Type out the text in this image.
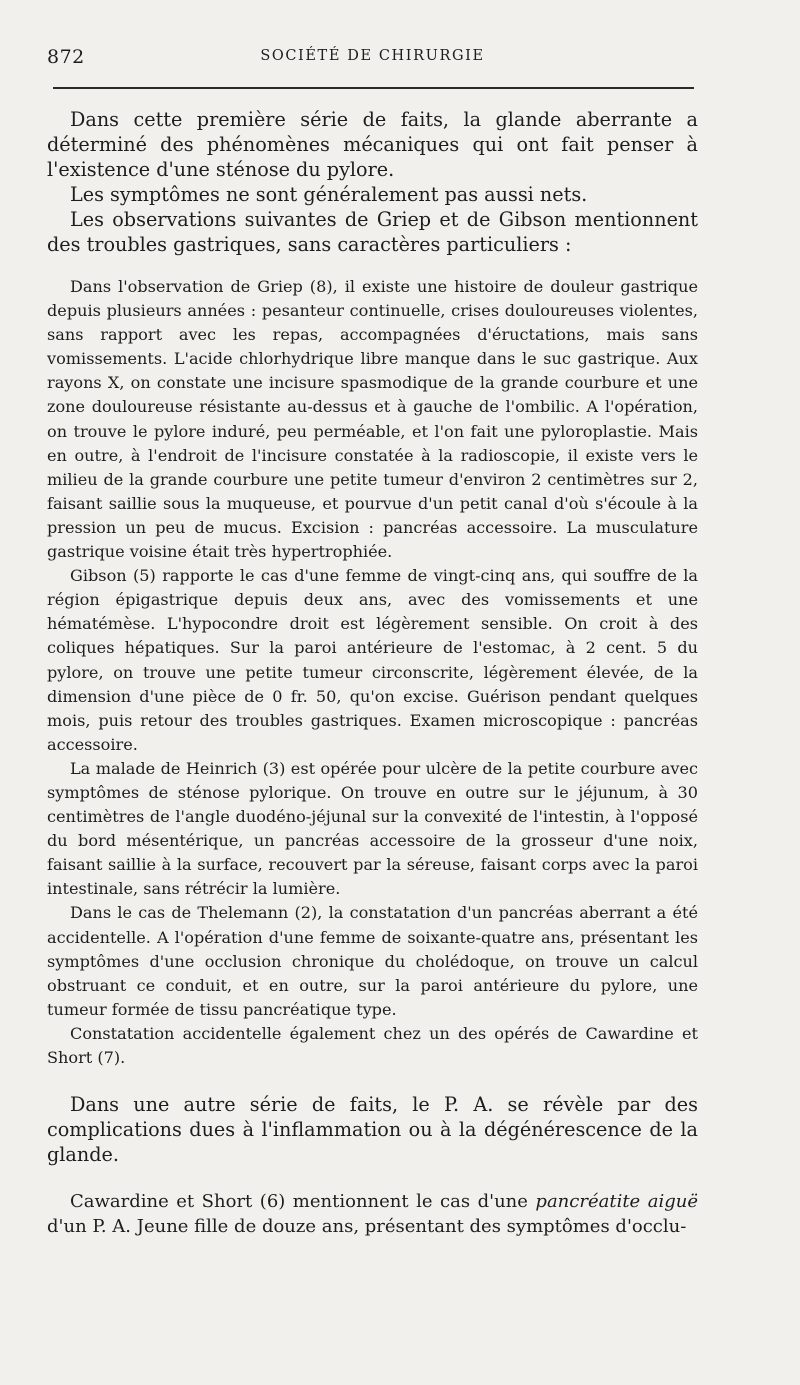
872	SOCIÉTÉ DE CHIRURGIE

Dans cette première série de faits, la glande aberrante a déterminé des phénomènes mécaniques qui ont fait penser à l'existence d'une sténose du pylore.

Les symptômes ne sont généralement pas aussi nets.

Les observations suivantes de Griep et de Gibson mentionnent des troubles gastriques, sans caractères particuliers :

Dans l'observation de Griep (8), il existe une histoire de douleur gastrique depuis plusieurs années : pesanteur continuelle, crises douloureuses violentes, sans rapport avec les repas, accompagnées d'éructations, mais sans vomissements. L'acide chlorhydrique libre manque dans le suc gastrique. Aux rayons X, on constate une incisure spasmodique de la grande courbure et une zone douloureuse résistante au-dessus et à gauche de l'ombilic. A l'opération, on trouve le pylore induré, peu perméable, et l'on fait une pyloroplastie. Mais en outre, à l'endroit de l'incisure constatée à la radioscopie, il existe vers le milieu de la grande courbure une petite tumeur d'environ 2 centimètres sur 2, faisant saillie sous la muqueuse, et pourvue d'un petit canal d'où s'écoule à la pression un peu de mucus. Excision : pancréas accessoire. La musculature gastrique voisine était très hypertrophiée.

Gibson (5) rapporte le cas d'une femme de vingt-cinq ans, qui souffre de la région épigastrique depuis deux ans, avec des vomissements et une hématémèse. L'hypocondre droit est légèrement sensible. On croit à des coliques hépatiques. Sur la paroi antérieure de l'estomac, à 2 cent. 5 du pylore, on trouve une petite tumeur circonscrite, légèrement élevée, de la dimension d'une pièce de 0 fr. 50, qu'on excise. Guérison pendant quelques mois, puis retour des troubles gastriques. Examen microscopique : pancréas accessoire.

La malade de Heinrich (3) est opérée pour ulcère de la petite courbure avec symptômes de sténose pylorique. On trouve en outre sur le jéjunum, à 30 centimètres de l'angle duodéno-jéjunal sur la convexité de l'intestin, à l'opposé du bord mésentérique, un pancréas accessoire de la grosseur d'une noix, faisant saillie à la surface, recouvert par la séreuse, faisant corps avec la paroi intestinale, sans rétrécir la lumière.

Dans le cas de Thelemann (2), la constatation d'un pancréas aberrant a été accidentelle. A l'opération d'une femme de soixante-quatre ans, présentant les symptômes d'une occlusion chronique du cholédoque, on trouve un calcul obstruant ce conduit, et en outre, sur la paroi antérieure du pylore, une tumeur formée de tissu pancréatique type.

Constatation accidentelle également chez un des opérés de Cawardine et Short (7).

Dans une autre série de faits, le P. A. se révèle par des complications dues à l'inflammation ou à la dégénérescence de la glande.

Cawardine et Short (6) mentionnent le cas d'une pancréatite aiguë d'un P. A. Jeune fille de douze ans, présentant des symptômes d'occlu-
